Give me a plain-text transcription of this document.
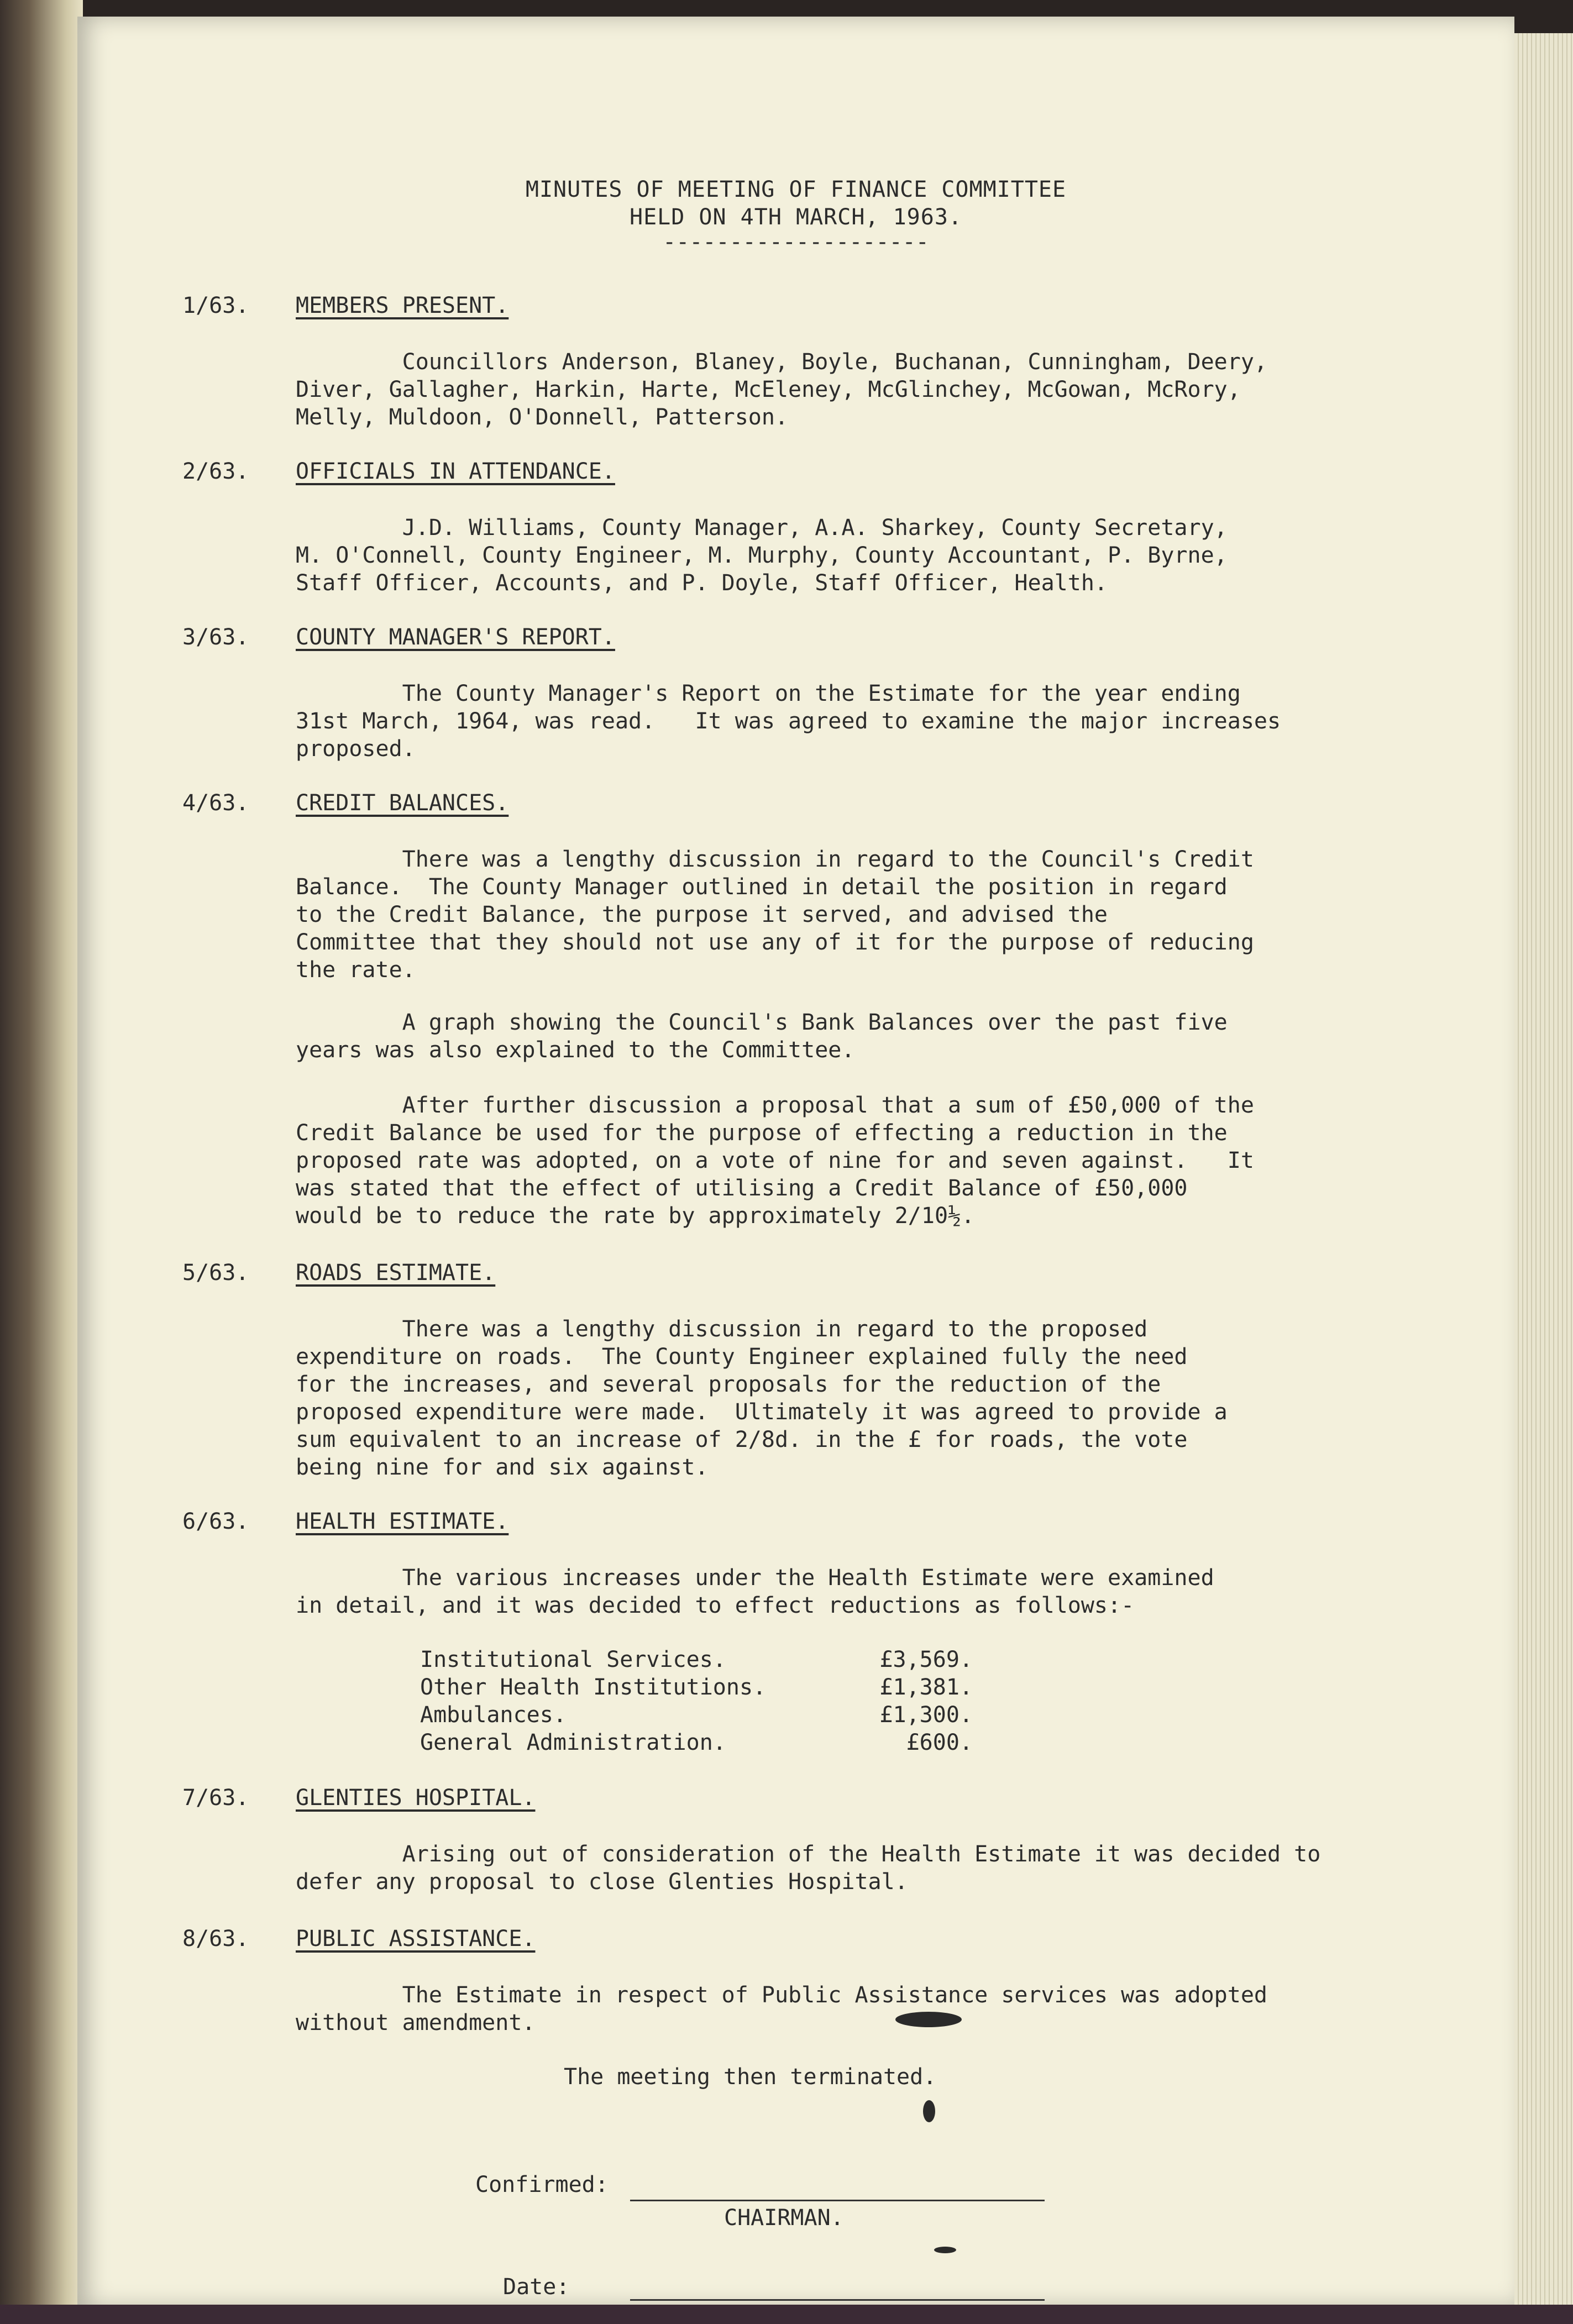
MINUTES OF MEETING OF FINANCE COMMITTEE
HELD ON 4TH MARCH, 1963.
--------------------
1/63. MEMBERS PRESENT.
Councillors Anderson, Blaney, Boyle, Buchanan, Cunningham, Deery,
Diver, Gallagher, Harkin, Harte, McEleney, McGlinchey, McGowan, McRory,
Melly, Muldoon, O'Donnell, Patterson.
2/63. OFFICIALS IN ATTENDANCE.
J.D. Williams, County Manager, A.A. Sharkey, County Secretary,
M. O'Connell, County Engineer, M. Murphy, County Accountant, P. Byrne,
Staff Officer, Accounts, and P. Doyle, Staff Officer, Health.
3/63. COUNTY MANAGER'S REPORT.
The County Manager's Report on the Estimate for the year ending
31st March, 1964, was read.   It was agreed to examine the major increases
proposed.
4/63. CREDIT BALANCES.
There was a lengthy discussion in regard to the Council's Credit
Balance.  The County Manager outlined in detail the position in regard
to the Credit Balance, the purpose it served, and advised the
Committee that they should not use any of it for the purpose of reducing
the rate.
A graph showing the Council's Bank Balances over the past five
years was also explained to the Committee.
After further discussion a proposal that a sum of £50,000 of the
Credit Balance be used for the purpose of effecting a reduction in the
proposed rate was adopted, on a vote of nine for and seven against.   It
was stated that the effect of utilising a Credit Balance of £50,000
would be to reduce the rate by approximately 2/10½.
5/63. ROADS ESTIMATE.
There was a lengthy discussion in regard to the proposed
expenditure on roads.  The County Engineer explained fully the need
for the increases, and several proposals for the reduction of the
proposed expenditure were made.  Ultimately it was agreed to provide a
sum equivalent to an increase of 2/8d. in the £ for roads, the vote
being nine for and six against.
6/63. HEALTH ESTIMATE.
The various increases under the Health Estimate were examined
in detail, and it was decided to effect reductions as follows:-
Institutional Services.	£3,569.
Other Health Institutions.	£1,381.
Ambulances.	£1,300.
General Administration.	£600.
7/63. GLENTIES HOSPITAL.
Arising out of consideration of the Health Estimate it was decided to
defer any proposal to close Glenties Hospital.
8/63. PUBLIC ASSISTANCE.
The Estimate in respect of Public Assistance services was adopted
without amendment.
The meeting then terminated.
Confirmed:
CHAIRMAN.
Date:
